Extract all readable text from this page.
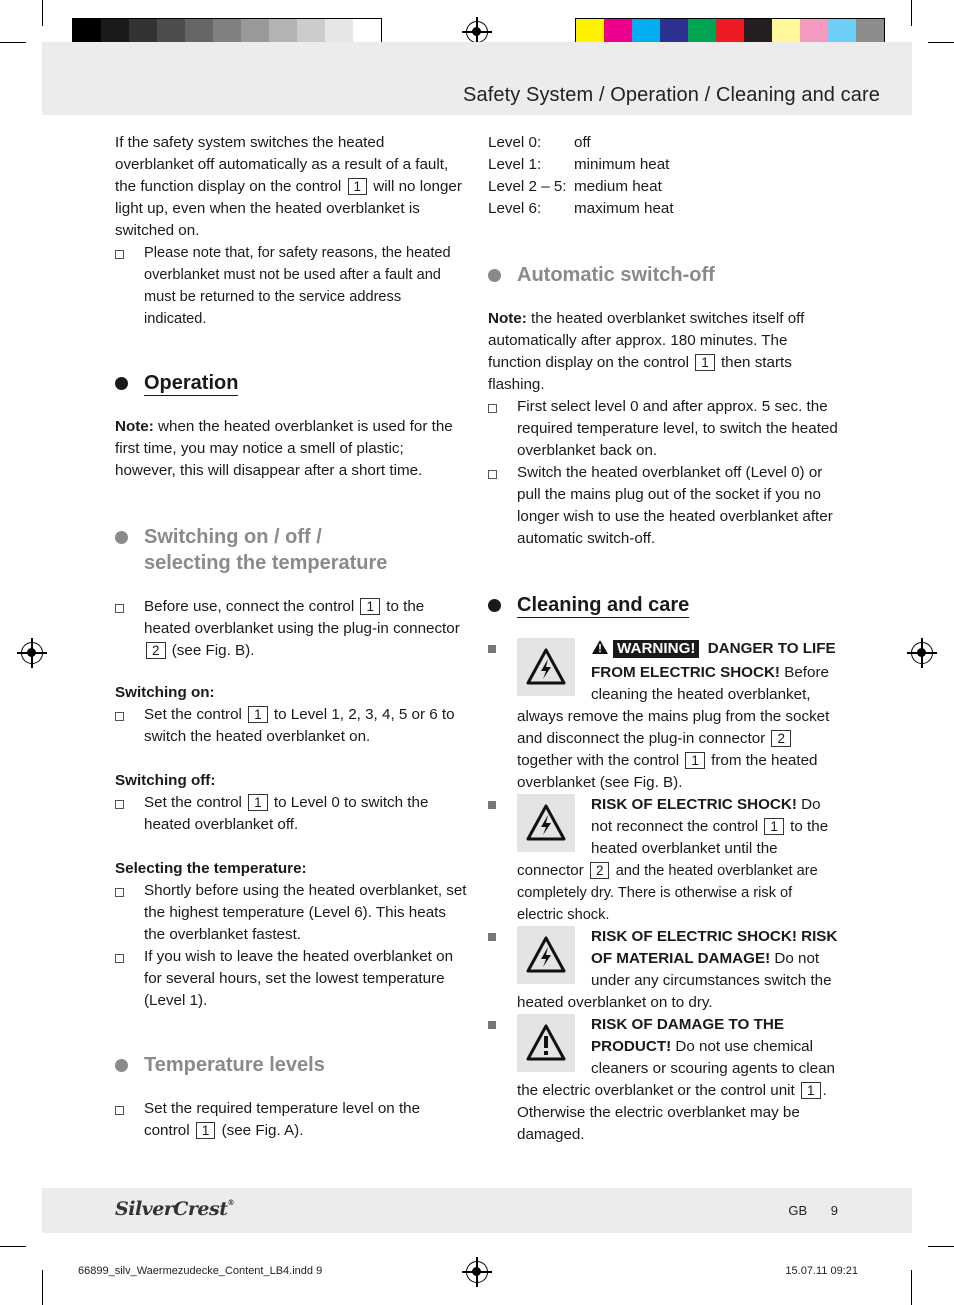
Safety System / Operation / Cleaning and care

If the safety system switches the heated overblanket off automatically as a result of a fault, the function display on the control 1 will no longer light up, even when the heated overblanket is switched on.

Please note that, for safety reasons, the heated overblanket must not be used after a fault and must be returned to the service address indicated.

Operation

Note: when the heated overblanket is used for the first time, you may notice a smell of plastic; however, this will disappear after a short time.

Switching on / off /
selecting the temperature

Before use, connect the control 1 to the heated overblanket using the plug-in connector 2 (see Fig. B).

Switching on:

Set the control 1 to Level 1, 2, 3, 4, 5 or 6 to switch the heated overblanket on.

Switching off:

Set the control 1 to Level 0 to switch the heated overblanket off.

Selecting the temperature:

Shortly before using the heated overblanket, set the highest temperature (Level 6). This heats the overblanket fastest.

If you wish to leave the heated overblanket on for several hours, set the lowest temperature (Level 1).

Temperature levels

Set the required temperature level on the control 1 (see Fig. A).

Level 0:	off
Level 1:	minimum heat
Level 2 – 5: medium heat
Level 6:	maximum heat
Automatic switch-off

Note: the heated overblanket switches itself off automatically after approx. 180 minutes. The function display on the control 1 then starts flashing.

First select level 0 and after approx. 5 sec. the required temperature level, to switch the heated overblanket back on.

Switch the heated overblanket off (Level 0) or pull the mains plug out of the socket if you no longer wish to use the heated overblanket after automatic switch-off.

Cleaning and care
WARNING! DANGER TO LIFE FROM ELECTRIC SHOCK! Before cleaning the heated overblanket, always remove the mains plug from the socket and disconnect the plug-in connector 2 together with the control 1 from the heated overblanket (see Fig. B).
RISK OF ELECTRIC SHOCK! Do not reconnect the control 1 to the heated overblanket until the connector 2 and the heated overblanket are completely dry. There is otherwise a risk of electric shock.
RISK OF ELECTRIC SHOCK! RISK OF MATERIAL DAMAGE! Do not under any circumstances switch the heated overblanket on to dry.
RISK OF DAMAGE TO THE PRODUCT! Do not use chemical cleaners or scouring agents to clean the electric overblanket or the control unit 1 . Otherwise the electric overblanket may be damaged.
SilverCrest®
GB 9
66899_silv_Waermezudecke_Content_LB4.indd 9	15.07.11 09:21
